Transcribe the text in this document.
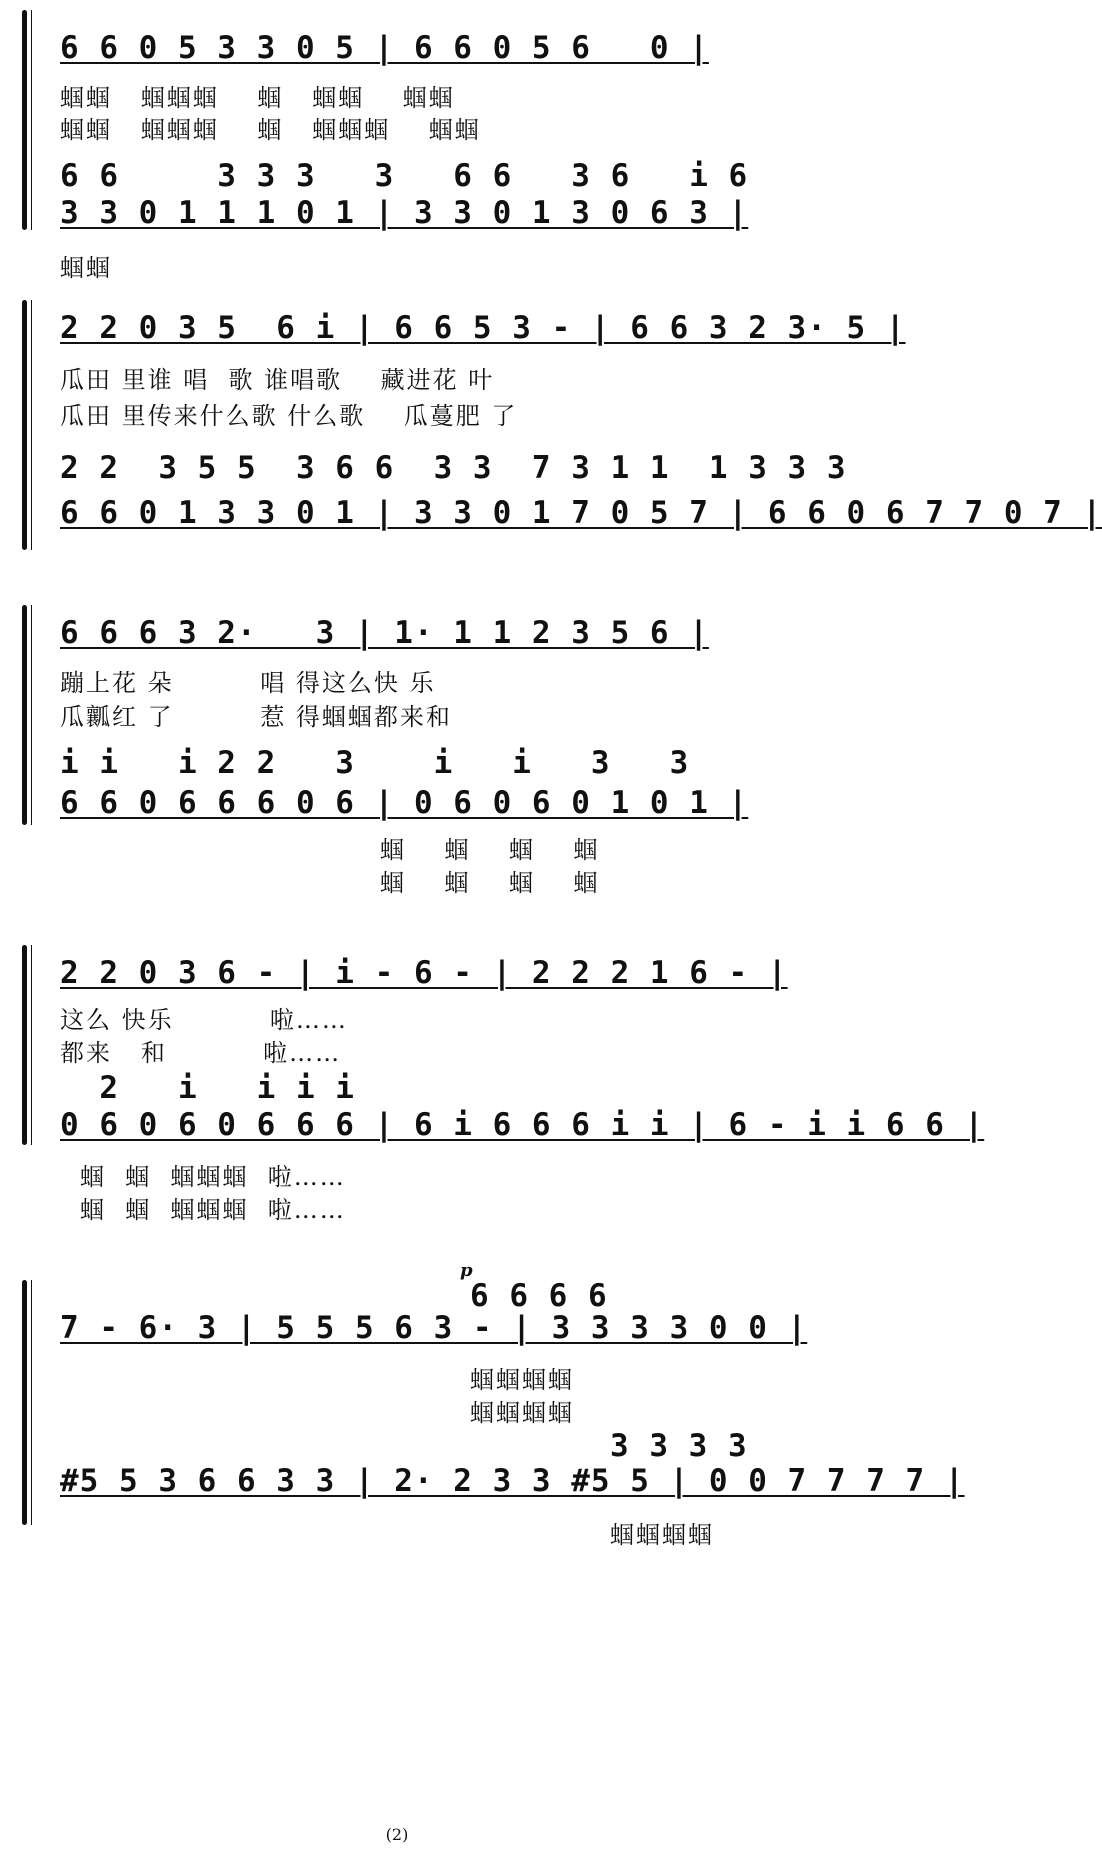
6 6 0 5 3 3 0 5 | 6 6 0 5 6   0 |
蝈蝈   蝈蝈蝈    蝈   蝈蝈    蝈蝈
蝈蝈   蝈蝈蝈    蝈   蝈蝈蝈    蝈蝈
6 6     3 3 3   3   6 6   3 6   i 6
3 3 0 1 1 1 0 1 | 3 3 0 1 3 0 6 3 |
蝈蝈
2 2 0 3 5  6 i | 6 6 5 3 - | 6 6 3 2 3· 5 |
瓜田 里谁 唱  歌 谁唱歌    藏进花 叶
瓜田 里传来什么歌 什么歌    瓜蔓肥 了
2 2  3 5 5  3 6 6  3 3  7 3 1 1  1 3 3 3
6 6 0 1 3 3 0 1 | 3 3 0 1 7 0 5 7 | 6 6 0 6 7 7 0 7 |
6 6 6 3 2·   3 | 1· 1 1 2 3 5 6 |
蹦上花 朵         唱 得这么快 乐
瓜瓤红 了         惹 得蝈蝈都来和
i i   i 2 2   3    i   i   3   3
6 6 0 6 6 6 0 6 | 0 6 0 6 0 1 0 1 |
蝈    蝈    蝈    蝈
蝈    蝈    蝈    蝈
2 2 0 3 6 - | i - 6 - | 2 2 2 1 6 - |
这么 快乐          啦……
都来   和          啦……
2   i   i i i
0 6 0 6 0 6 6 6 | 6 i 6 6 6 i i | 6 - i i 6 6 |
蝈  蝈  蝈蝈蝈  啦……
蝈  蝈  蝈蝈蝈  啦……
p
6 6 6 6
7 - 6· 3 | 5 5 5 6 3 - | 3 3 3 3 0 0 |
蝈蝈蝈蝈
蝈蝈蝈蝈
3 3 3 3
#5 5 3 6 6 3 3 | 2· 2 3 3 #5 5 | 0 0 7 7 7 7 |
蝈蝈蝈蝈
(2)
